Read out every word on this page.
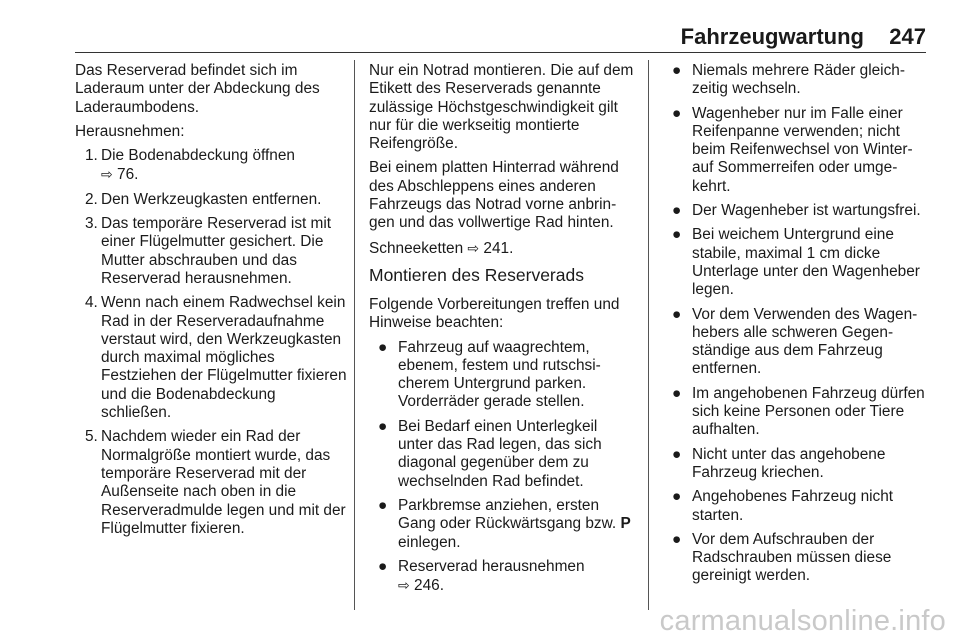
Fahrzeugwartung 247

Das Reserverad befindet sich im Laderaum unter der Abdeckung des Laderaumbodens.

Herausnehmen:

1. Die Bodenabdeckung öffnen
⇨ 76.
2. Den Werkzeugkasten entfernen.
3. Das temporäre Reserverad ist mit einer Flügelmutter gesichert. Die Mutter abschrauben und das Reserverad herausnehmen.
4. Wenn nach einem Radwechsel kein Rad in der Reserveradaufnahme verstaut wird, den Werkzeugkasten durch maximal mögliches Festziehen der Flügelmutter fixieren und die Bodenabdeckung schließen.
5. Nachdem wieder ein Rad der Normalgröße montiert wurde, das temporäre Reserverad mit der Außenseite nach oben in die Reserveradmulde legen und mit der Flügelmutter fixieren.

Nur ein Notrad montieren. Die auf dem Etikett des Reserverads genannte zulässige Höchstgeschwindigkeit gilt nur für die werkseitig montierte Reifengröße.

Bei einem platten Hinterrad während des Abschleppens eines anderen Fahrzeugs das Notrad vorne anbringen und das vollwertige Rad hinten.

Schneeketten ⇨ 241.

Montieren des Reserverads

Folgende Vorbereitungen treffen und Hinweise beachten:

● Fahrzeug auf waagrechtem, ebenem, festem und rutschsicherem Untergrund parken. Vorderräder gerade stellen.
● Bei Bedarf einen Unterlegkeil unter das Rad legen, das sich diagonal gegenüber dem zu wechselnden Rad befindet.
● Parkbremse anziehen, ersten Gang oder Rückwärtsgang bzw. P einlegen.
● Reserverad herausnehmen
⇨ 246.
● Niemals mehrere Räder gleichzeitig wechseln.
● Wagenheber nur im Falle einer Reifenpanne verwenden; nicht beim Reifenwechsel von Winter- auf Sommerreifen oder umgekehrt.
● Der Wagenheber ist wartungsfrei.
● Bei weichem Untergrund eine stabile, maximal 1 cm dicke Unterlage unter den Wagenheber legen.
● Vor dem Verwenden des Wagenhebers alle schweren Gegenständige aus dem Fahrzeug entfernen.
● Im angehobenen Fahrzeug dürfen sich keine Personen oder Tiere aufhalten.
● Nicht unter das angehobene Fahrzeug kriechen.
● Angehobenes Fahrzeug nicht starten.
● Vor dem Aufschrauben der Radschrauben müssen diese gereinigt werden.
carmanualsonline.info
